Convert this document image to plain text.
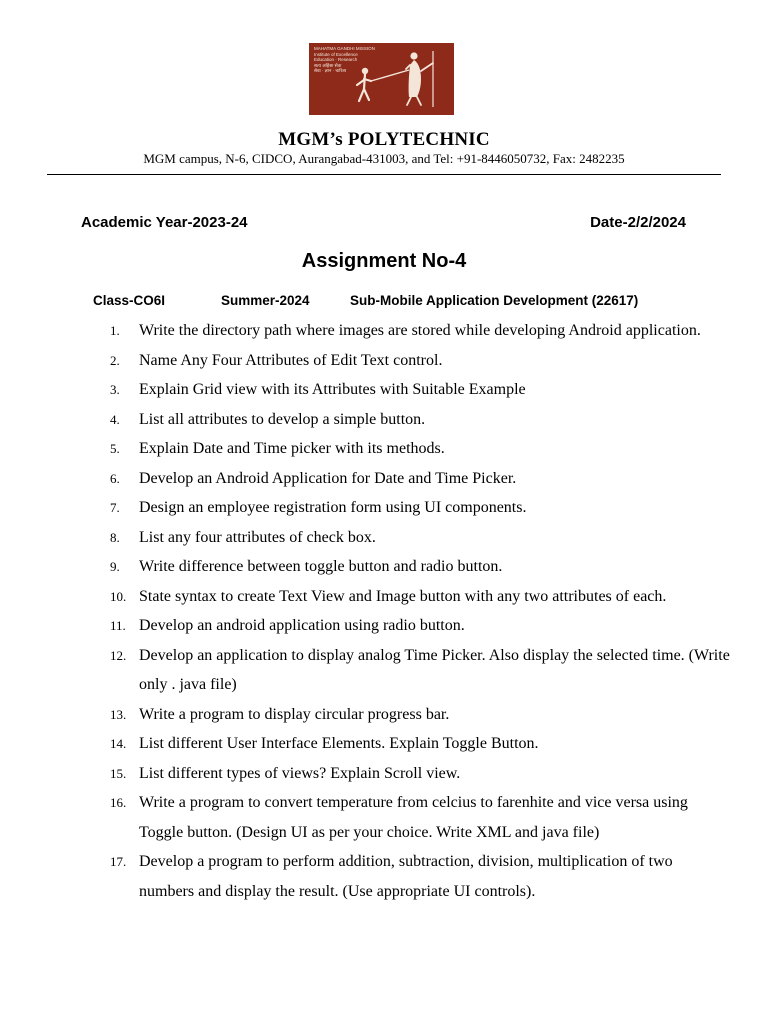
MAHATMA GANDHI MISSION
Institute of Excellence
Education · Research
सत्य अहिंसा सेवा
सेवा · ज्ञान · चारित्र्य
MGM’s POLYTECHNIC
MGM campus, N-6, CIDCO, Aurangabad-431003, and Tel: +91-8446050732, Fax: 2482235
Academic Year-2023-24	Date-2/2/2024
Assignment No-4
Class-CO6I	Summer-2024	Sub-Mobile Application Development (22617)
1.	Write the directory path where images are stored while developing Android application.
2.	Name Any Four Attributes of Edit Text control.
3.	Explain Grid view with its Attributes with Suitable Example
4.	List all attributes to develop a simple button.
5.	Explain Date and Time picker with its methods.
6.	Develop an Android Application for Date and Time Picker.
7.	Design an employee registration form using UI components.
8.	List any four attributes of check box.
9.	Write difference between toggle button and radio button.
10. State syntax to create Text View and Image button with any two attributes of each.
11. Develop an android application using radio button.
12. Develop an application to display analog Time Picker. Also display the selected time. (Write only . java file)
13. Write a program to display circular progress bar.
14. List different User Interface Elements. Explain Toggle Button.
15. List different types of views? Explain Scroll view.
16. Write a program to convert temperature from celcius to farenhite and vice versa using Toggle button. (Design UI as per your choice. Write XML and java file)
17. Develop a program to perform addition, subtraction, division, multiplication of two numbers and display the result. (Use appropriate UI controls).
